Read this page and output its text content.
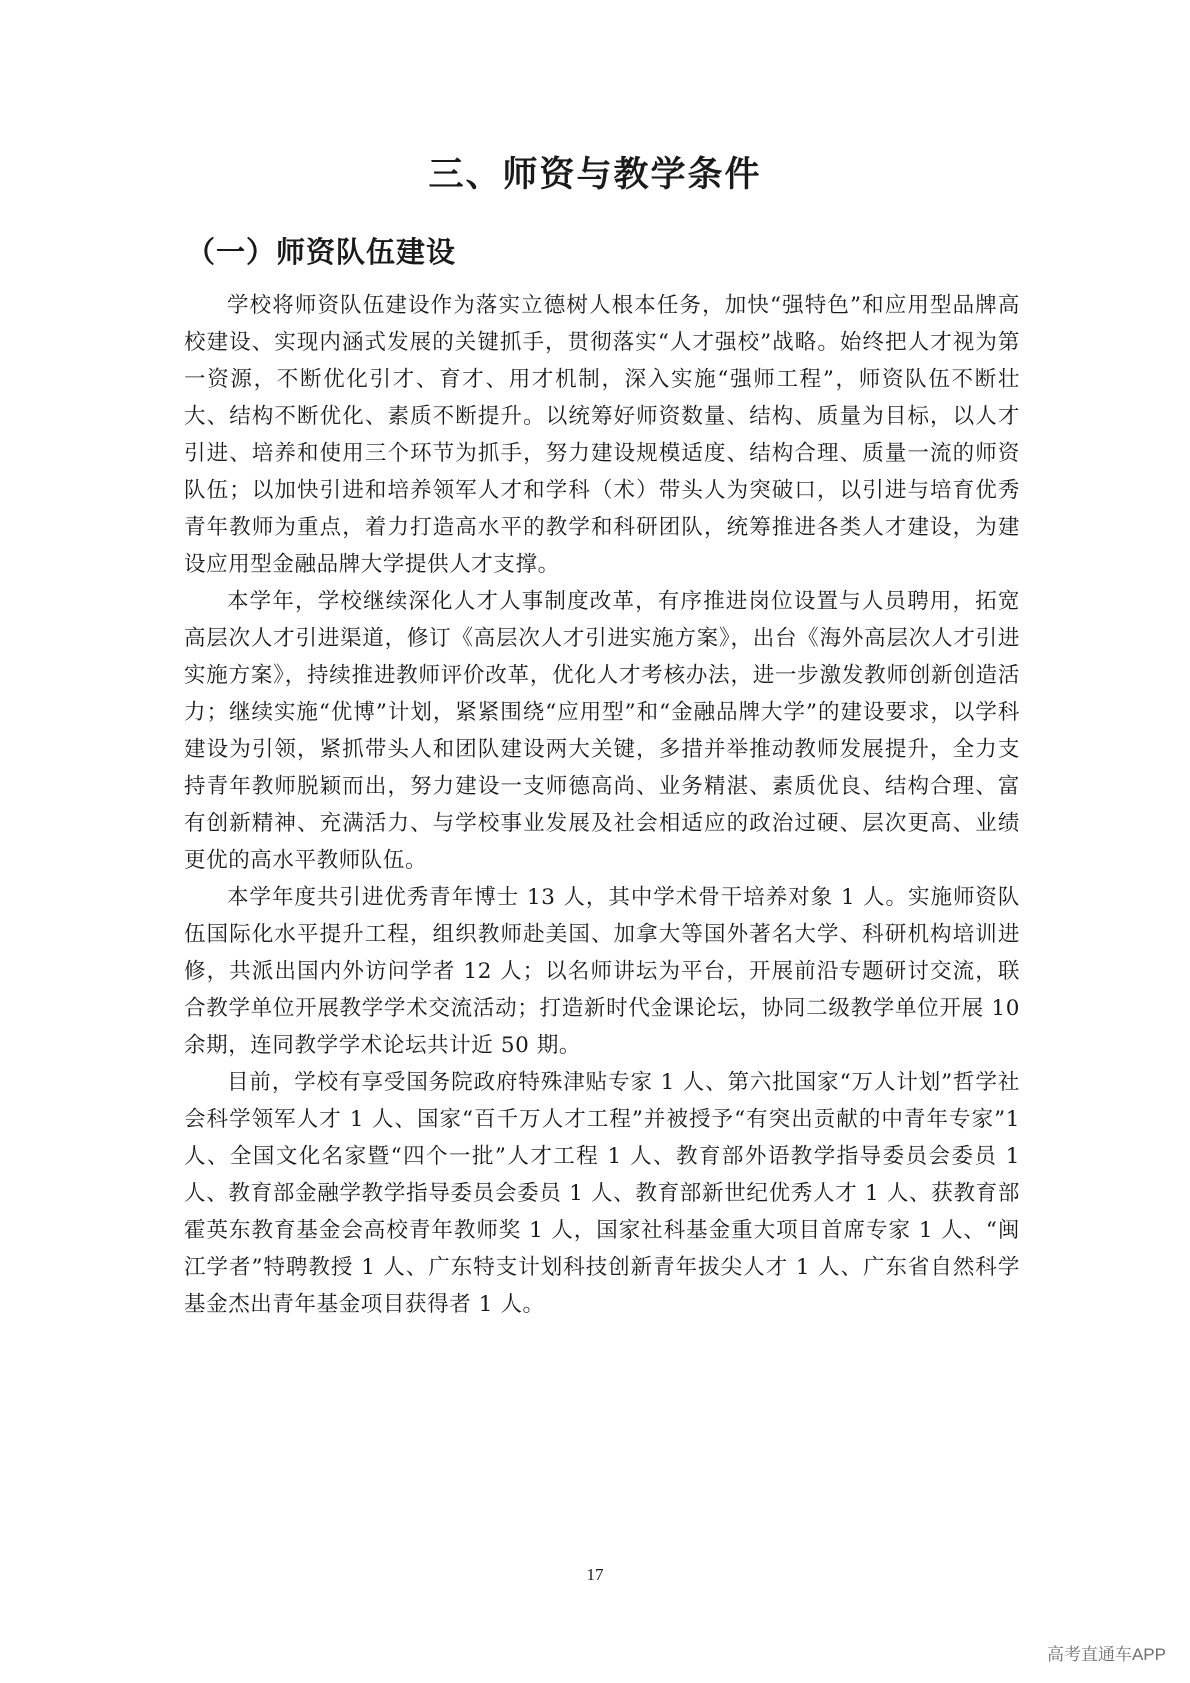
三、师资与教学条件
（一）师资队伍建设

学校将师资队伍建设作为落实立德树人根本任务，加快“强特色”和应用型品牌高校建设、实现内涵式发展的关键抓手，贯彻落实“人才强校”战略。始终把人才视为第一资源，不断优化引才、育才、用才机制，深入实施“强师工程”，师资队伍不断壮大、结构不断优化、素质不断提升。以统筹好师资数量、结构、质量为目标，以人才引进、培养和使用三个环节为抓手，努力建设规模适度、结构合理、质量一流的师资队伍；以加快引进和培养领军人才和学科（术）带头人为突破口，以引进与培育优秀青年教师为重点，着力打造高水平的教学和科研团队，统筹推进各类人才建设，为建设应用型金融品牌大学提供人才支撑。

本学年，学校继续深化人才人事制度改革，有序推进岗位设置与人员聘用，拓宽高层次人才引进渠道，修订《高层次人才引进实施方案》，出台《海外高层次人才引进实施方案》，持续推进教师评价改革，优化人才考核办法，进一步激发教师创新创造活力；继续实施“优博”计划，紧紧围绕“应用型”和“金融品牌大学”的建设要求，以学科建设为引领，紧抓带头人和团队建设两大关键，多措并举推动教师发展提升，全力支持青年教师脱颖而出，努力建设一支师德高尚、业务精湛、素质优良、结构合理、富有创新精神、充满活力、与学校事业发展及社会相适应的政治过硬、层次更高、业绩更优的高水平教师队伍。

本学年度共引进优秀青年博士 13 人，其中学术骨干培养对象 1 人。实施师资队伍国际化水平提升工程，组织教师赴美国、加拿大等国外著名大学、科研机构培训进修，共派出国内外访问学者 12 人；以名师讲坛为平台，开展前沿专题研讨交流，联合教学单位开展教学学术交流活动；打造新时代金课论坛，协同二级教学单位开展 10 余期，连同教学学术论坛共计近 50 期。

目前，学校有享受国务院政府特殊津贴专家 1 人、第六批国家“万人计划”哲学社会科学领军人才 1 人、国家“百千万人才工程”并被授予“有突出贡献的中青年专家”1 人、全国文化名家暨“四个一批”人才工程 1 人、教育部外语教学指导委员会委员 1 人、教育部金融学教学指导委员会委员 1 人、教育部新世纪优秀人才 1 人、获教育部霍英东教育基金会高校青年教师奖 1 人，国家社科基金重大项目首席专家 1 人、“闽江学者”特聘教授 1 人、广东特支计划科技创新青年拔尖人才 1 人、广东省自然科学基金杰出青年基金项目获得者 1 人。

17
高考直通车APP
